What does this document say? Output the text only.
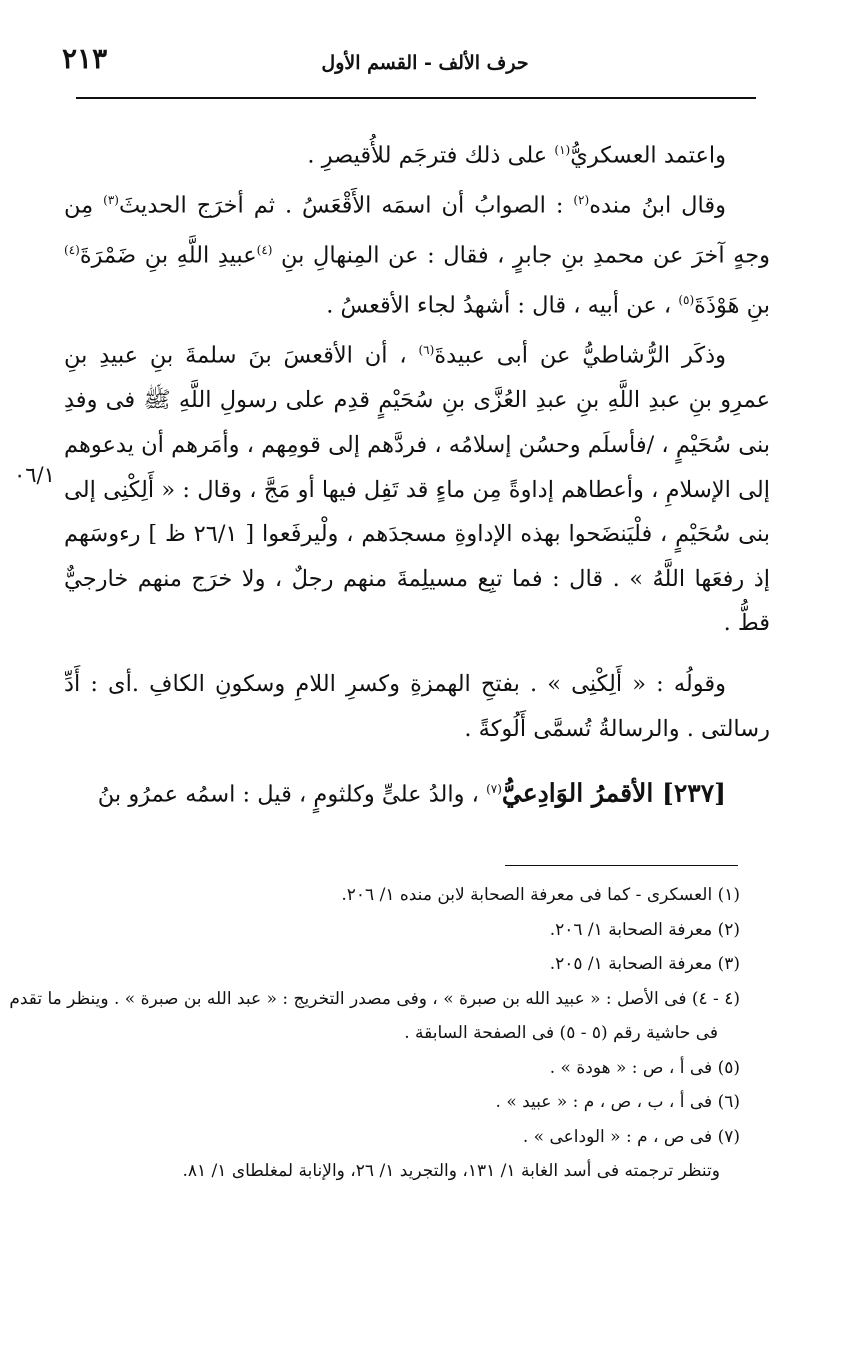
٢١٣	حرف الألف - القسم الأول
٠٦/١

واعتمد العسكريُّ$^{(١)}$ على ذلك فترجَم للأُقيصرِ .

وقال ابنُ منده$^{(٢)}$ : الصوابُ أن اسمَه الأَقْعَسُ . ثم أخرَج الحديثَ$^{(٣)}$ مِن وجهٍ آخرَ عن محمدِ بنِ جابرٍ ، فقال : عن المِنهالِ بنِ $^{(٤)}$عبيدِ اللَّهِ بنِ ضَمْرَةَ$^{(٤)}$ بنِ هَوْذَةَ$^{(٥)}$ ، عن أبيه ، قال : أشهدُ لجاء الأقعسُ .

وذكَر الرُّشاطيُّ عن أبى عبيدةَ$^{(٦)}$ ، أن الأقعسَ بنَ سلمةَ بنِ عبيدِ بنِ عمرِو بنِ عبدِ اللَّهِ بنِ عبدِ العُزَّى بنِ سُحَيْمٍ قدِم على رسولِ اللَّهِ ﷺ فى وفدِ بنى سُحَيْمٍ ، /فأسلَم وحسُن إسلامُه ، فردَّهم إلى قومِهم ، وأمَرهم أن يدعوهم إلى الإسلامِ ، وأعطاهم إداوةً مِن ماءٍ قد تَفِل فيها أو مَجَّ ، وقال : « أَلِكْنِى إلى بنى سُحَيْمٍ ، فلْيَنضَحوا بهذه الإداوةِ مسجدَهم ، ولْيرفَعوا [ ٢٦/١ ظ ] رءوسَهم إذ رفعَها اللَّهُ » . قال : فما تبِع مسيلِمةَ منهم رجلٌ ، ولا خرَج منهم خارجيٌّ قطُّ .

وقولُه : « أَلِكْنِى » . بفتحِ الهمزةِ وكسرِ اللامِ وسكونِ الكافِ .أى : أَدِّ رسالتى . والرسالةُ تُسمَّى أَلُوكةً .

[٢٣٧] الأقمرُ الوَادِعيُّ$^{(٧)}$ ، والدُ علىٍّ وكلثومٍ ، قيل : اسمُه عمرُو بنُ

(١) العسكرى - كما فى معرفة الصحابة لابن منده ١/ ٢٠٦.
(٢) معرفة الصحابة ١/ ٢٠٦.
(٣) معرفة الصحابة ١/ ٢٠٥.
(٤ - ٤) فى الأصل : « عبيد الله بن صبرة » ، وفى مصدر التخريج : « عبد الله بن صبرة » . وينظر ما تقدم
فى حاشية رقم (٥ - ٥) فى الصفحة السابقة .
(٥) فى أ ، ص : « هودة » .
(٦) فى أ ، ب ، ص ، م : « عبيد » .
(٧) فى ص ، م : « الوداعى » .
وتنظر ترجمته فى أسد الغابة ١/ ١٣١، والتجريد ١/ ٢٦، والإنابة لمغلطاى ١/ ٨١.
